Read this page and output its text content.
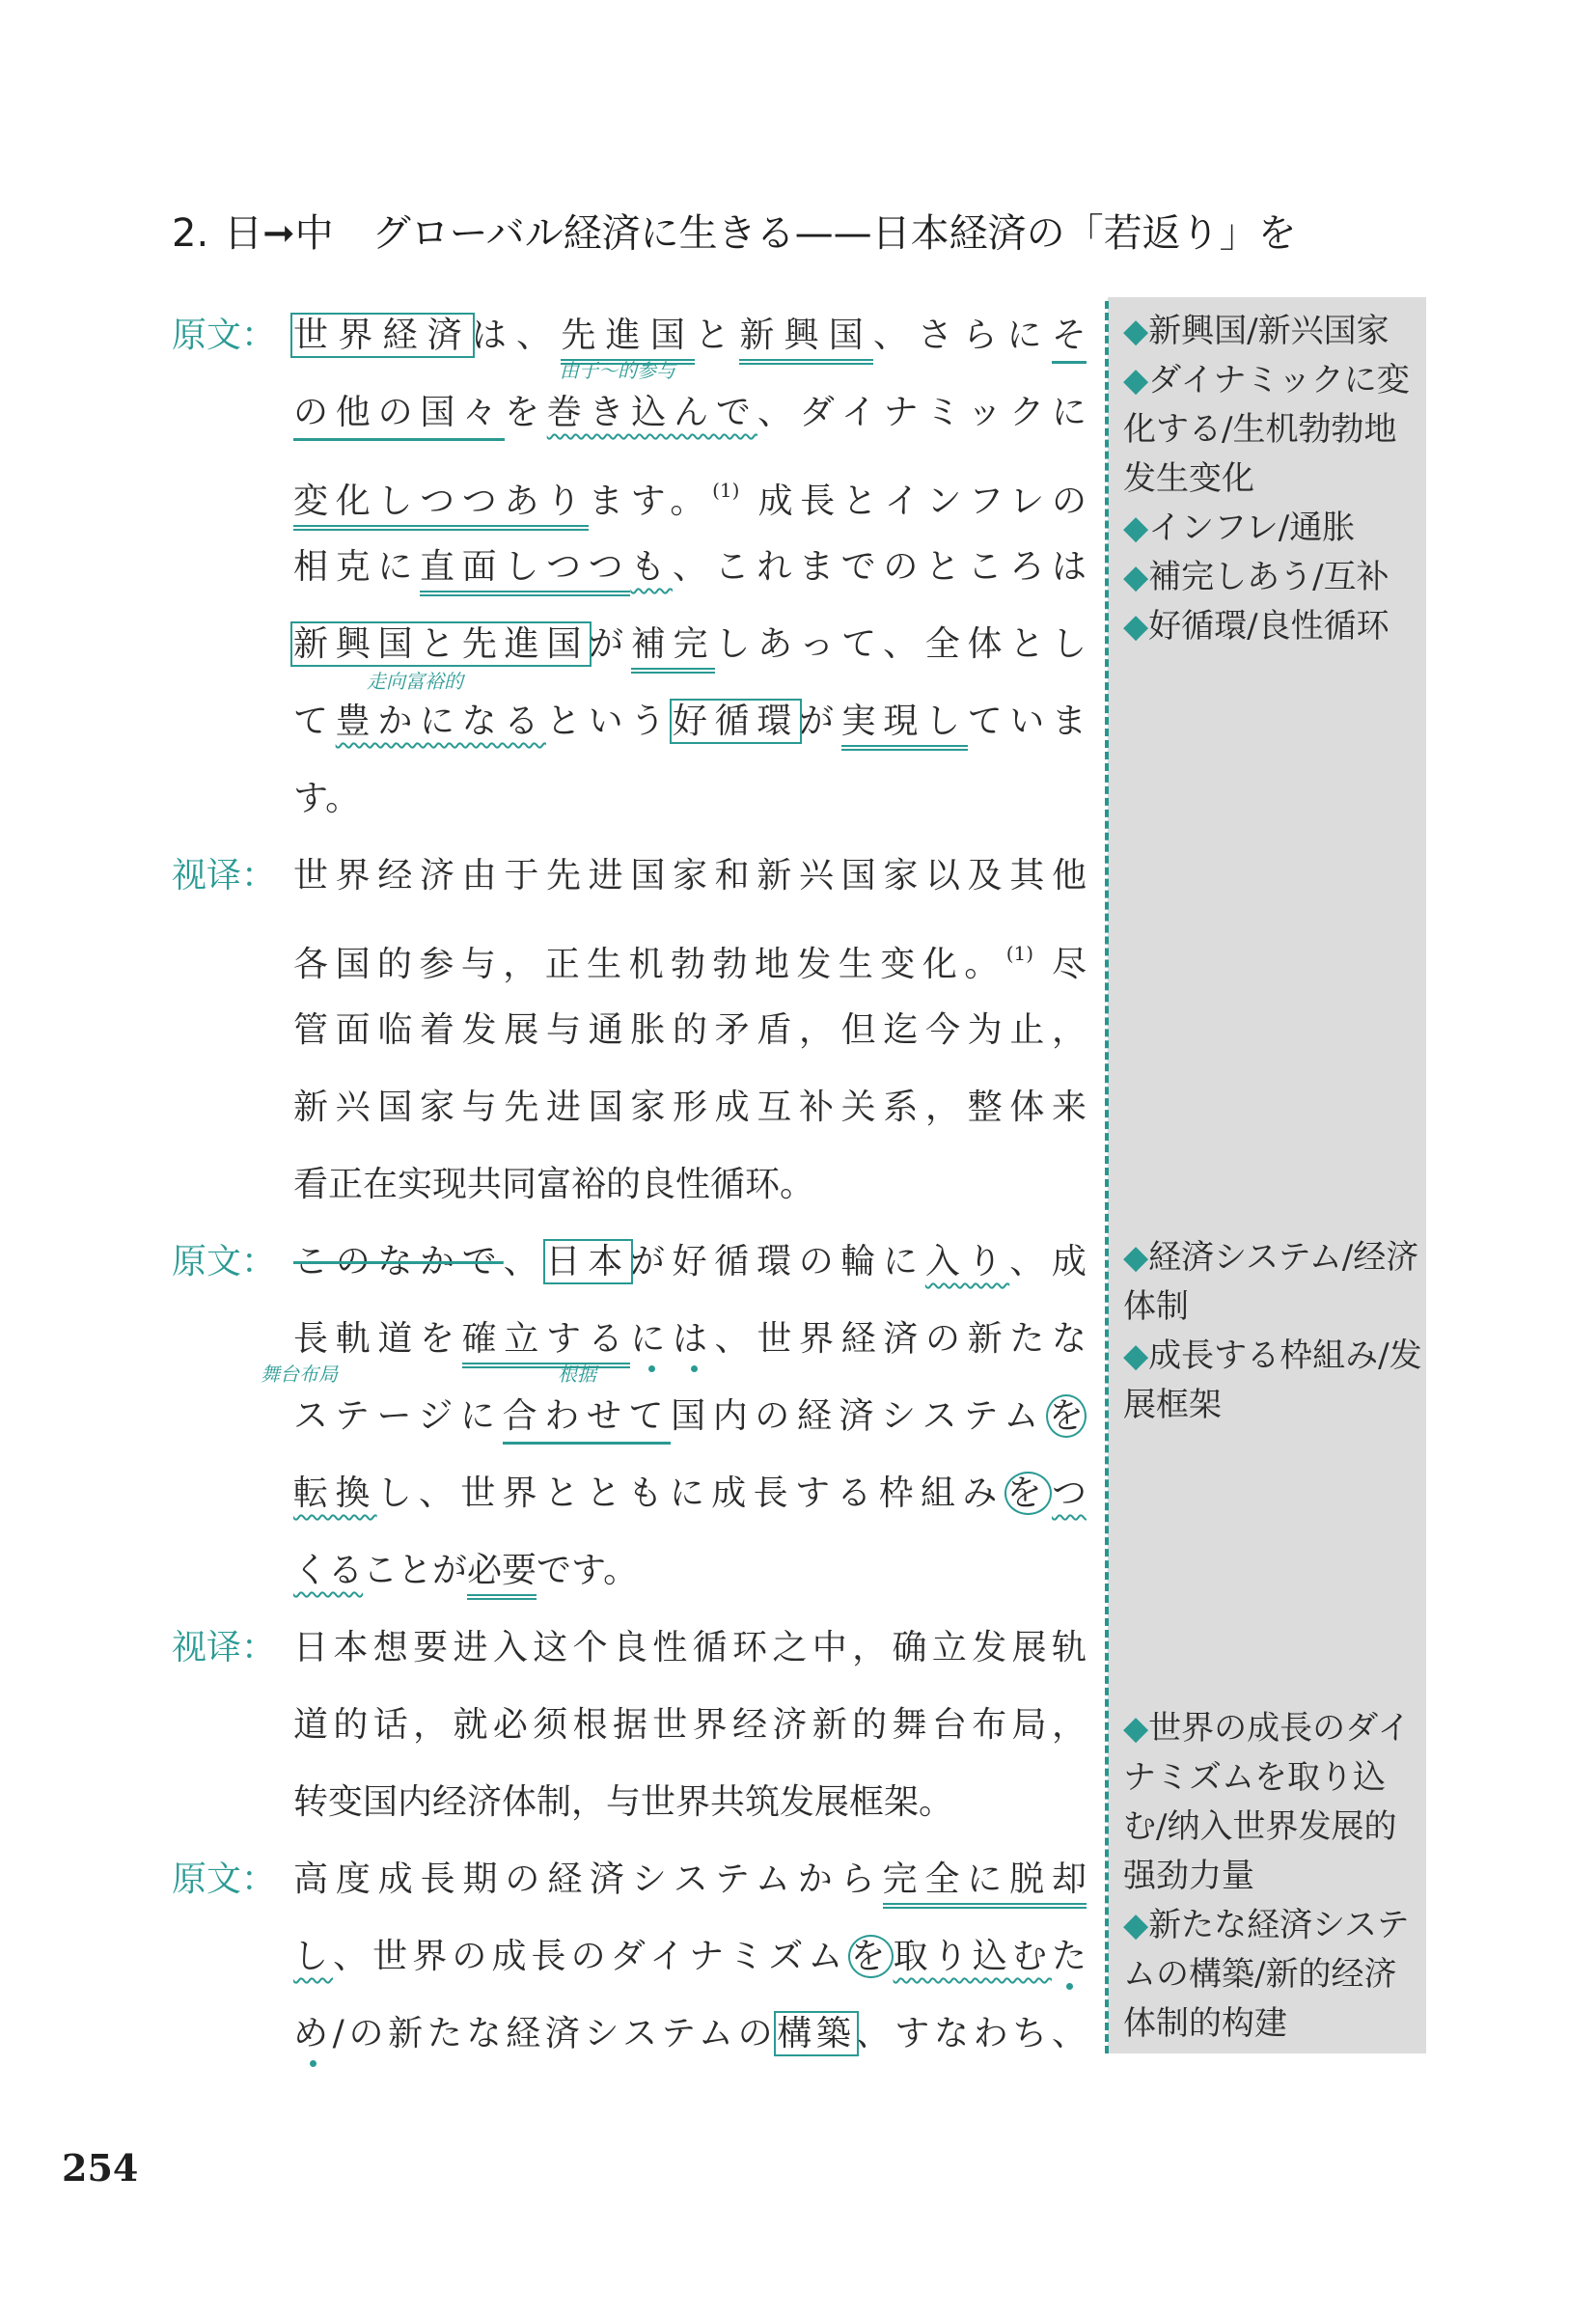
2. 日➞中 グローバル経済に生きる——日本経済の「若返り」を
原文： 世界経済は、先進国と新興国、さらにそ
由于〜的参与
の他の国々を巻き込んで、ダイナミックに
変化しつつあります。$^{(1)}$ 成長とインフレの
相克に直面しつつも、これまでのところは
新興国と先進国が補完しあって、全体とし
走向富裕的
て豊かになるという好循環が実現していま
す。
视译： 世界经济由于先进国家和新兴国家以及其他
各国的参与，正生机勃勃地发生变化。$^{(1)}$ 尽
管面临着发展与通胀的矛盾，但迄今为止，
新兴国家与先进国家形成互补关系，整体来
看正在实现共同富裕的良性循环。
原文： このなかで、日本が好循環の輪に入り、成
長軌道を確立するには、世界経済の新たな
舞台布局	根据
ステージに合わせて国内の経済システムを
転換し、世界とともに成長する枠組みをつ
くることが必要です。
视译： 日本想要进入这个良性循环之中，确立发展轨
道的话，就必须根据世界经济新的舞台布局，
转变国内经济体制，与世界共筑发展框架。
原文： 高度成長期の経済システムから完全に脱却
し、世界の成長のダイナミズムを取り込むた
め/の新たな経済システムの構築、すなわち、
◆新興国/新兴国家
◆ダイナミックに変化する/生机勃勃地发生变化
◆インフレ/通胀
◆補完しあう/互补
◆好循環/良性循环
◆経済システム/经济体制
◆成長する枠組み/发展框架
◆世界の成長のダイナミズムを取り込む/纳入世界发展的强劲力量
◆新たな経済システムの構築/新的经济体制的构建
254
